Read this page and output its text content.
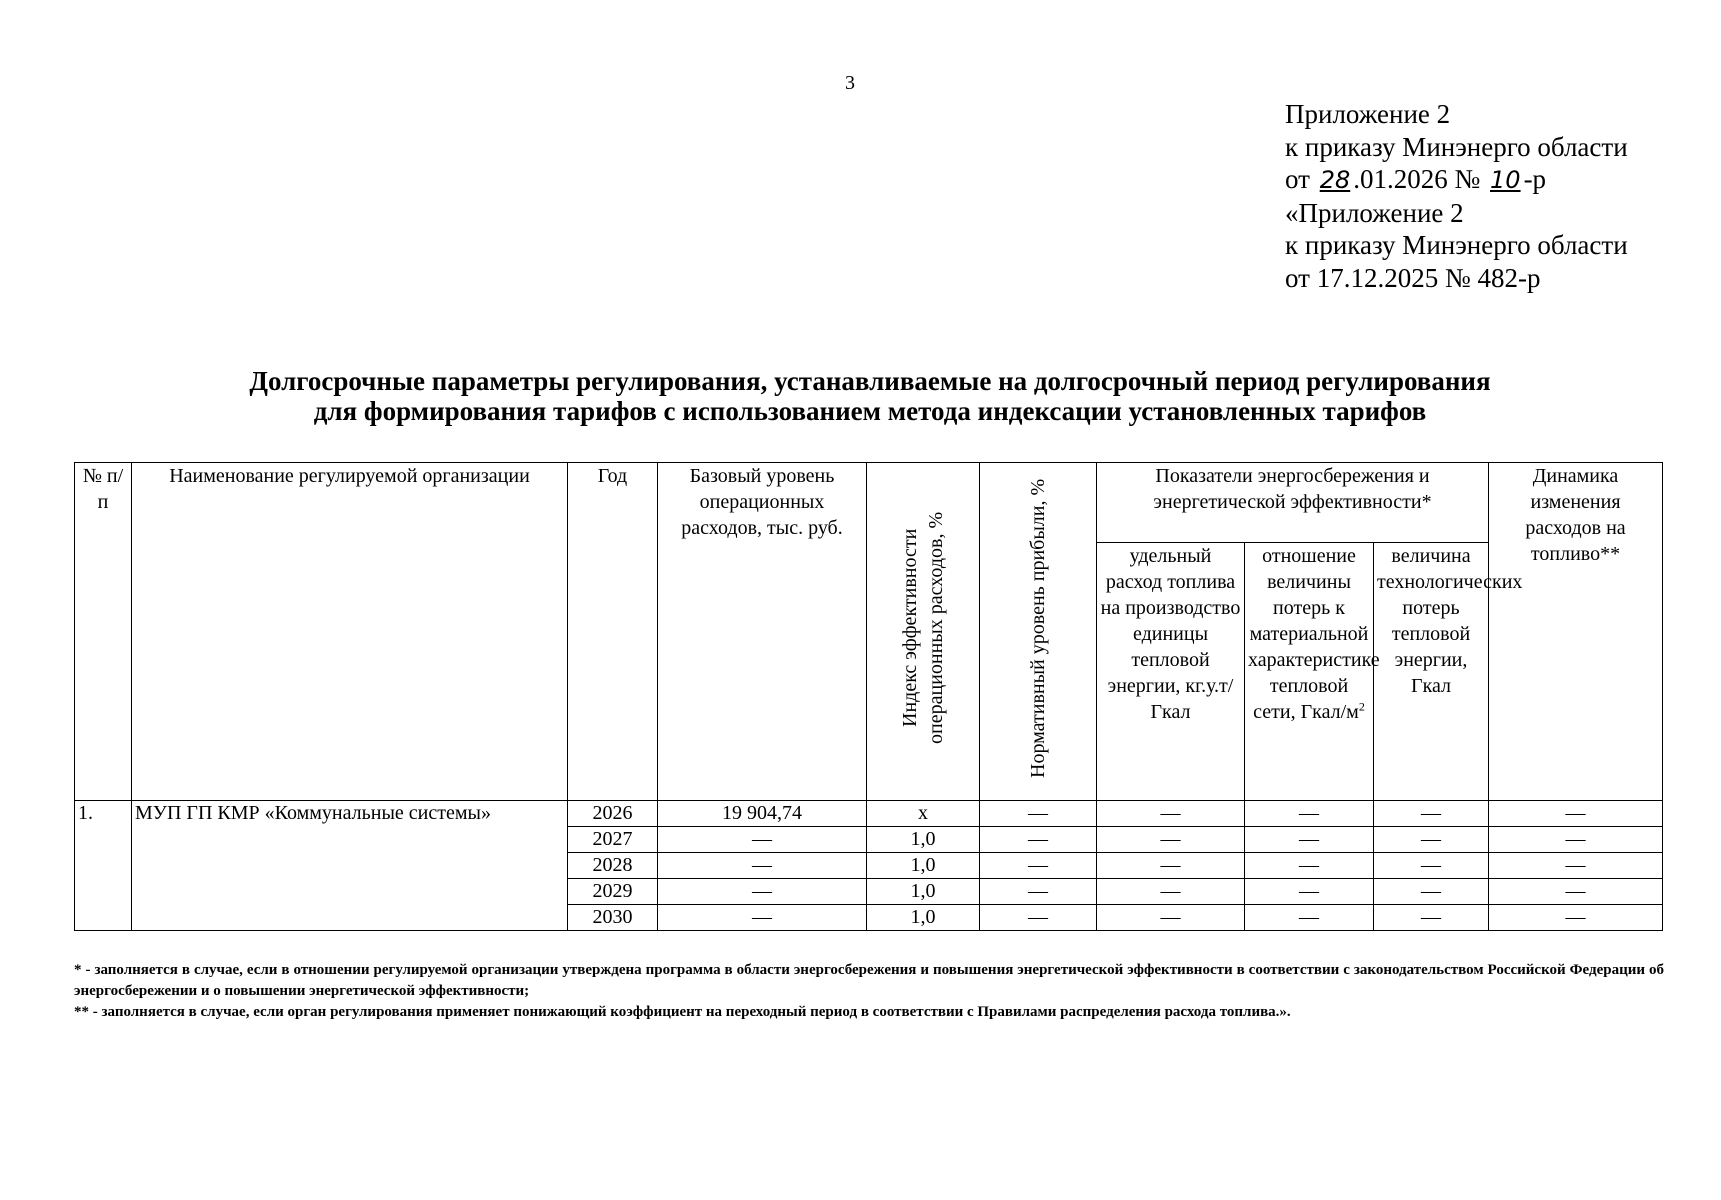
3
Приложение 2
к приказу Минэнерго области
от 28 .01.2026 № 10 -р
«Приложение 2
к приказу Минэнерго области
от 17.12.2025 № 482-р
Долгосрочные параметры регулирования, устанавливаемые на долгосрочный период регулирования
для формирования тарифов с использованием метода индексации установленных тарифов
№ п/п	Наименование регулируемой организации	Год	Базовый уровень операционных расходов, тыс. руб.	Индекс эффективности операционных расходов, %	Нормативный уровень прибыли, %	Показатели энергосбережения и энергетической эффективности*			Динамика изменения расходов на топливо**
						удельный расход топлива на производство единицы тепловой энергии, кг.у.т/Гкал	отношение величины потерь к материальной характеристике тепловой сети, Гкал/$м^2$	величина технологических потерь тепловой энергии, Гкал	
1.	МУП ГП КМР «Коммунальные системы»	2026	19 904,74	х	—	—	—	—	—
		2027	—	1,0	—	—	—	—	—
		2028	—	1,0	—	—	—	—	—
		2029	—	1,0	—	—	—	—	—
		2030	—	1,0	—	—	—	—	—

* - заполняется в случае, если в отношении регулируемой организации утверждена программа в области энергосбережения и повышения энергетической эффективности в соответствии с законодательством Российской Федерации об энергосбережении и о повышении энергетической эффективности;

** - заполняется в случае, если орган регулирования применяет понижающий коэффициент на переходный период в соответствии с Правилами распределения расхода топлива.».
